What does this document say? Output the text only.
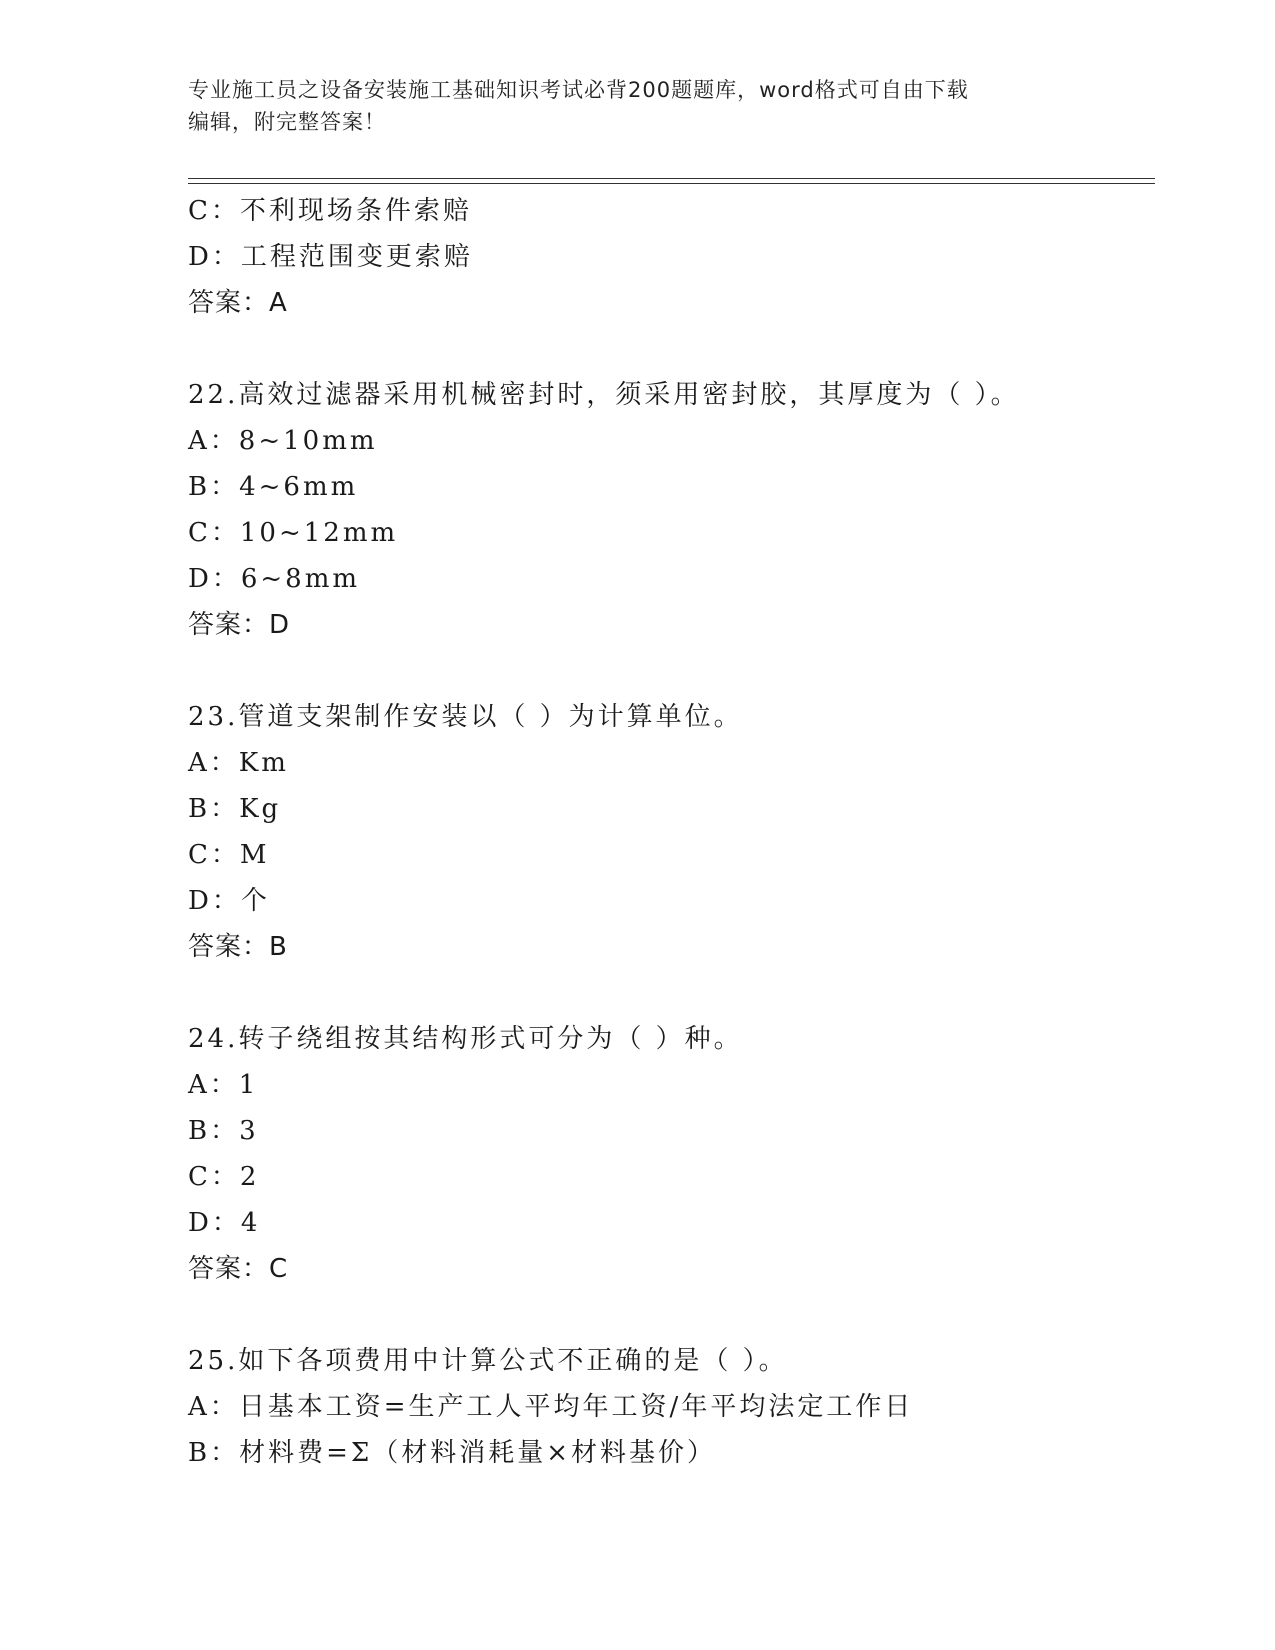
专业施工员之设备安装施工基础知识考试必背200题题库，word格式可自由下载
编辑，附完整答案！
C：不利现场条件索赔
D：工程范围变更索赔
答案：A
22.高效过滤器采用机械密封时，须采用密封胶，其厚度为（ ）。
A：8~10mm
B：4~6mm
C：10~12mm
D：6~8mm
答案：D
23.管道支架制作安装以（ ）为计算单位。
A：Km
B：Kg
C：M
D：个
答案：B
24.转子绕组按其结构形式可分为（ ）种。
A：1
B：3
C：2
D：4
答案：C
25.如下各项费用中计算公式不正确的是（ ）。
A：日基本工资=生产工人平均年工资/年平均法定工作日
B：材料费=Σ（材料消耗量×材料基价）
